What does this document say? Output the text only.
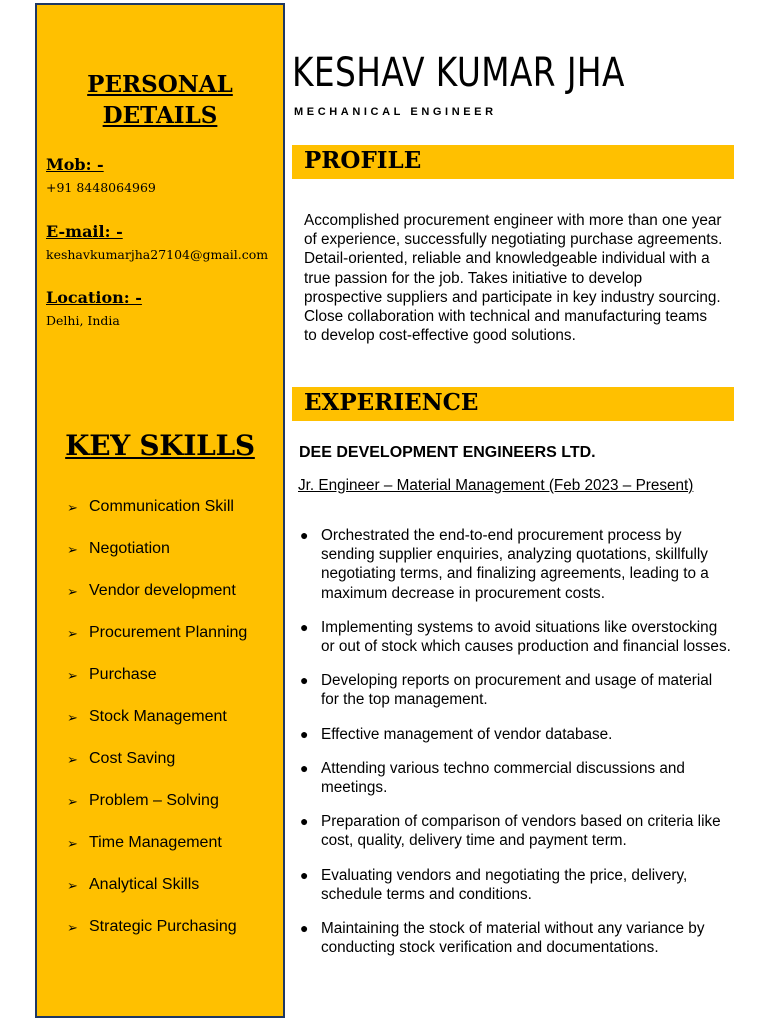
PERSONAL
DETAILS
Mob: -
+91 8448064969
E-mail: -
keshavkumarjha27104@gmail.com
Location: -
Delhi, India
KEY SKILLS
➢ Communication Skill
➢ Negotiation
➢ Vendor development
➢ Procurement Planning
➢ Purchase
➢ Stock Management
➢ Cost Saving
➢ Problem – Solving
➢ Time Management
➢ Analytical Skills
➢ Strategic Purchasing
KESHAV KUMAR JHA
MECHANICAL ENGINEER
PROFILE

Accomplished procurement engineer with more than one year of experience, successfully negotiating purchase agreements. Detail-oriented, reliable and knowledgeable individual with a true passion for the job. Takes initiative to develop prospective suppliers and participate in key industry sourcing. Close collaboration with technical and manufacturing teams to develop cost-effective good solutions.

EXPERIENCE
DEE DEVELOPMENT ENGINEERS LTD.
Jr. Engineer – Material Management (Feb 2023 – Present)
● Orchestrated the end-to-end procurement process by sending supplier enquiries, analyzing quotations, skillfully negotiating terms, and finalizing agreements, leading to a maximum decrease in procurement costs.
● Implementing systems to avoid situations like overstocking or out of stock which causes production and financial losses.
● Developing reports on procurement and usage of material for the top management.
● Effective management of vendor database.
● Attending various techno commercial discussions and meetings.
● Preparation of comparison of vendors based on criteria like cost, quality, delivery time and payment term.
● Evaluating vendors and negotiating the price, delivery, schedule terms and conditions.
● Maintaining the stock of material without any variance by conducting stock verification and documentations.
